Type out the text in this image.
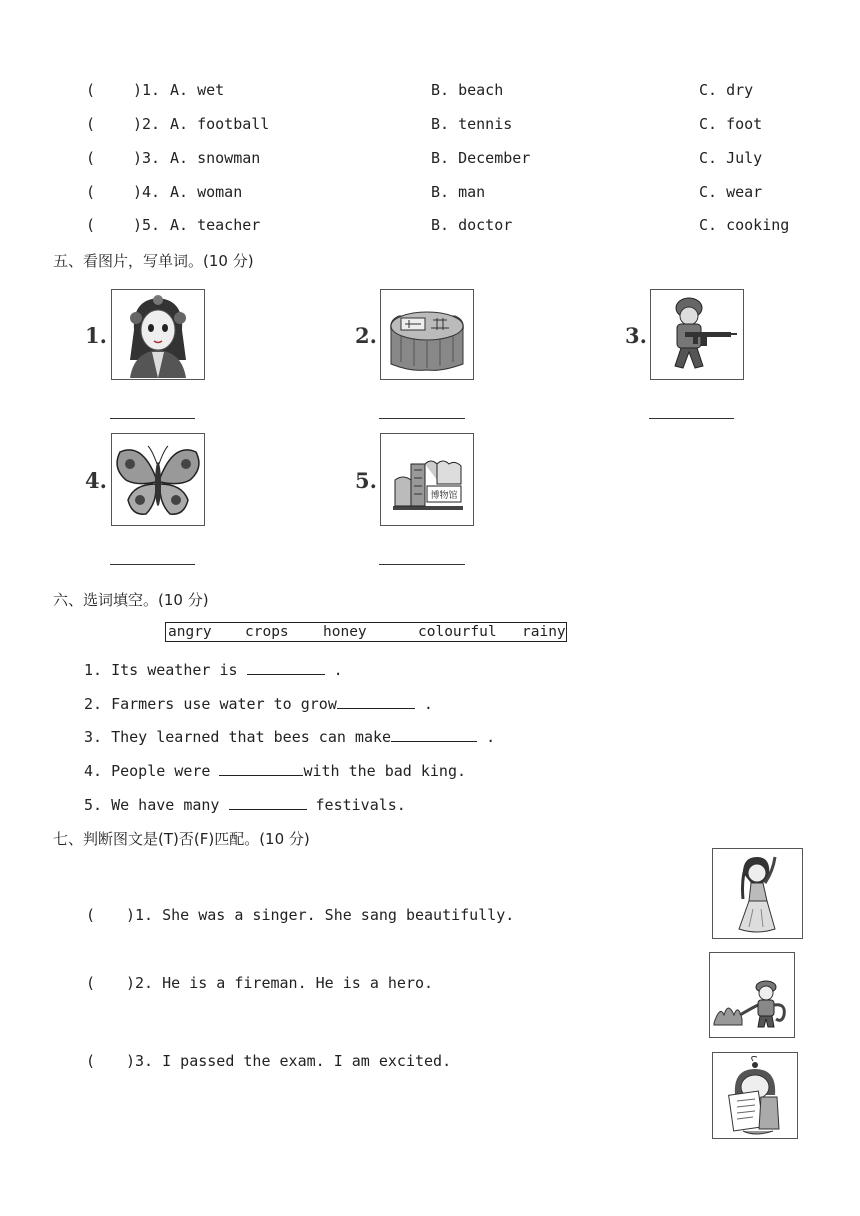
(	)1. A. wet	B. beach	C. dry
(	)2. A. football	B. tennis	C. foot
(	)3. A. snowman	B. December	C. July
(	)4. A. woman	B. man	C. wear
(	)5. A. teacher	B. doctor	C. cooking
五、看图片，写单词。(10 分)
1.	2.	3.
4.	5.
博物馆
六、选词填空。(10 分)
angry crops honey	colourful rainy
1. Its weather is	.
2. Farmers use water to grow	.
3. They learned that bees can make	.
4. People were	with the bad king.
5. We have many	festivals.
七、判断图文是(T)否(F)匹配。(10 分)
( )1. She was a singer. She sang beautifully.
( )2. He is a fireman. He is a hero.
( )3. I passed the exam. I am excited.
